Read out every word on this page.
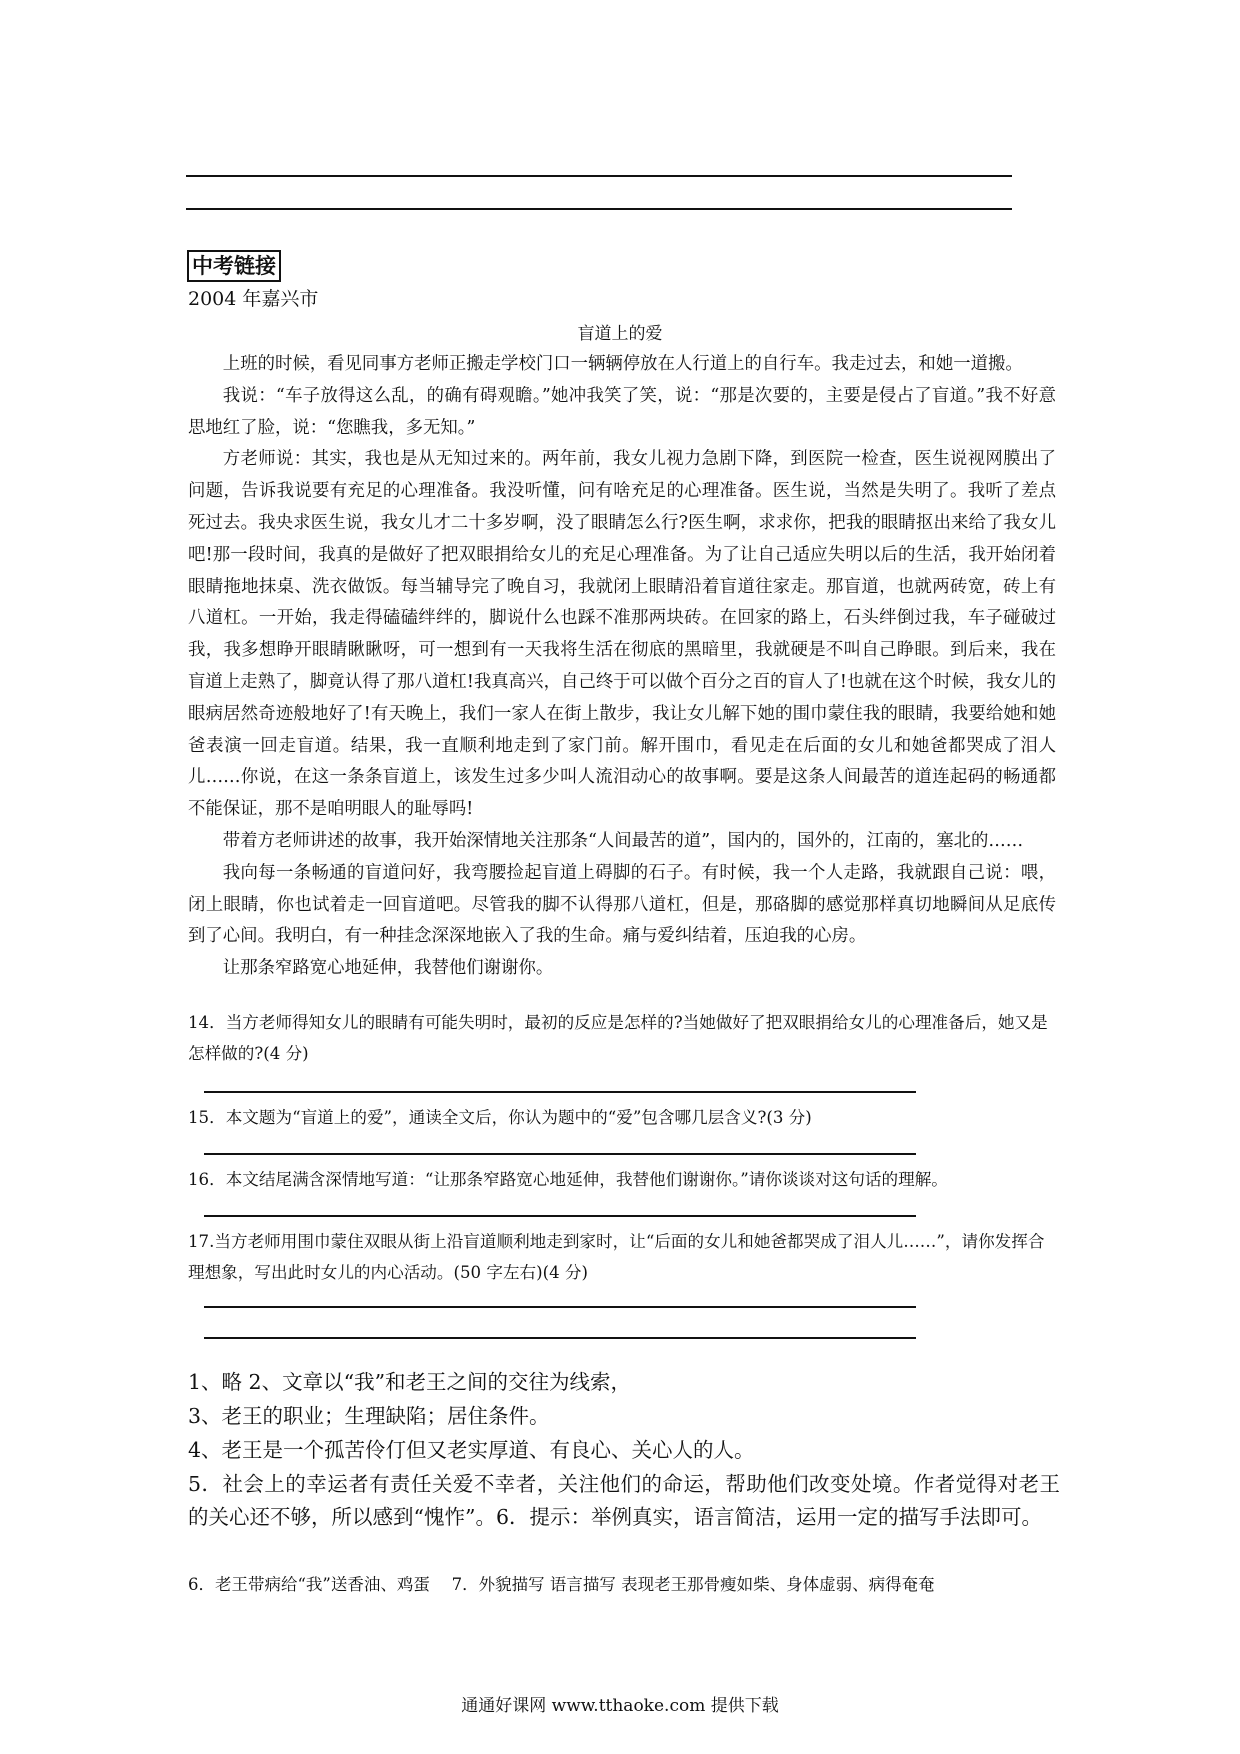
中考链接
2004 年嘉兴市
盲道上的爱

上班的时候，看见同事方老师正搬走学校门口一辆辆停放在人行道上的自行车。我走过去，和她一道搬。

我说：“车子放得这么乱，的确有碍观瞻。”她冲我笑了笑，说：“那是次要的，主要是侵占了盲道。”我不好意思地红了脸，说：“您瞧我，多无知。”

方老师说：其实，我也是从无知过来的。两年前，我女儿视力急剧下降，到医院一检查，医生说视网膜出了问题，告诉我说要有充足的心理准备。我没听懂，问有啥充足的心理准备。医生说，当然是失明了。我听了差点死过去。我央求医生说，我女儿才二十多岁啊，没了眼睛怎么行?医生啊，求求你，把我的眼睛抠出来给了我女儿吧!那一段时间，我真的是做好了把双眼捐给女儿的充足心理准备。为了让自己适应失明以后的生活，我开始闭着眼睛拖地抹桌、洗衣做饭。每当辅导完了晚自习，我就闭上眼睛沿着盲道往家走。那盲道，也就两砖宽，砖上有八道杠。一开始，我走得磕磕绊绊的，脚说什么也踩不准那两块砖。在回家的路上，石头绊倒过我，车子碰破过我，我多想睁开眼睛瞅瞅呀，可一想到有一天我将生活在彻底的黑暗里，我就硬是不叫自己睁眼。到后来，我在盲道上走熟了，脚竟认得了那八道杠!我真高兴，自己终于可以做个百分之百的盲人了!也就在这个时候，我女儿的眼病居然奇迹般地好了!有天晚上，我们一家人在街上散步，我让女儿解下她的围巾蒙住我的眼睛，我要给她和她爸表演一回走盲道。结果，我一直顺利地走到了家门前。解开围巾，看见走在后面的女儿和她爸都哭成了泪人儿……你说，在这一条条盲道上，该发生过多少叫人流泪动心的故事啊。要是这条人间最苦的道连起码的畅通都不能保证，那不是咱明眼人的耻辱吗!

带着方老师讲述的故事，我开始深情地关注那条“人间最苦的道”，国内的，国外的，江南的，塞北的……

我向每一条畅通的盲道问好，我弯腰捡起盲道上碍脚的石子。有时候，我一个人走路，我就跟自己说：喂，闭上眼睛，你也试着走一回盲道吧。尽管我的脚不认得那八道杠，但是，那硌脚的感觉那样真切地瞬间从足底传到了心间。我明白，有一种挂念深深地嵌入了我的生命。痛与爱纠结着，压迫我的心房。

让那条窄路宽心地延伸，我替他们谢谢你。

14．当方老师得知女儿的眼睛有可能失明时，最初的反应是怎样的?当她做好了把双眼捐给女儿的心理准备后，她又是怎样做的?(4 分)

15．本文题为“盲道上的爱”，通读全文后，你认为题中的“爱”包含哪几层含义?(3 分)

16．本文结尾满含深情地写道：“让那条窄路宽心地延伸，我替他们谢谢你。”请你谈谈对这句话的理解。

17.当方老师用围巾蒙住双眼从街上沿盲道顺利地走到家时，让“后面的女儿和她爸都哭成了泪人儿……”，请你发挥合理想象，写出此时女儿的内心活动。(50 字左右)(4 分)

1、略 2、文章以“我”和老王之间的交往为线索，

3、老王的职业；生理缺陷；居住条件。

4、老王是一个孤苦伶仃但又老实厚道、有良心、关心人的人。

5．社会上的幸运者有责任关爱不幸者，关注他们的命运，帮助他们改变处境。作者觉得对老王的关心还不够，所以感到“愧怍”。6．提示：举例真实，语言简洁，运用一定的描写手法即可。

6．老王带病给“我”送香油、鸡蛋　 7．外貌描写 语言描写 表现老王那骨瘦如柴、身体虚弱、病得奄奄
通通好课网 www.tthaoke.com 提供下载
